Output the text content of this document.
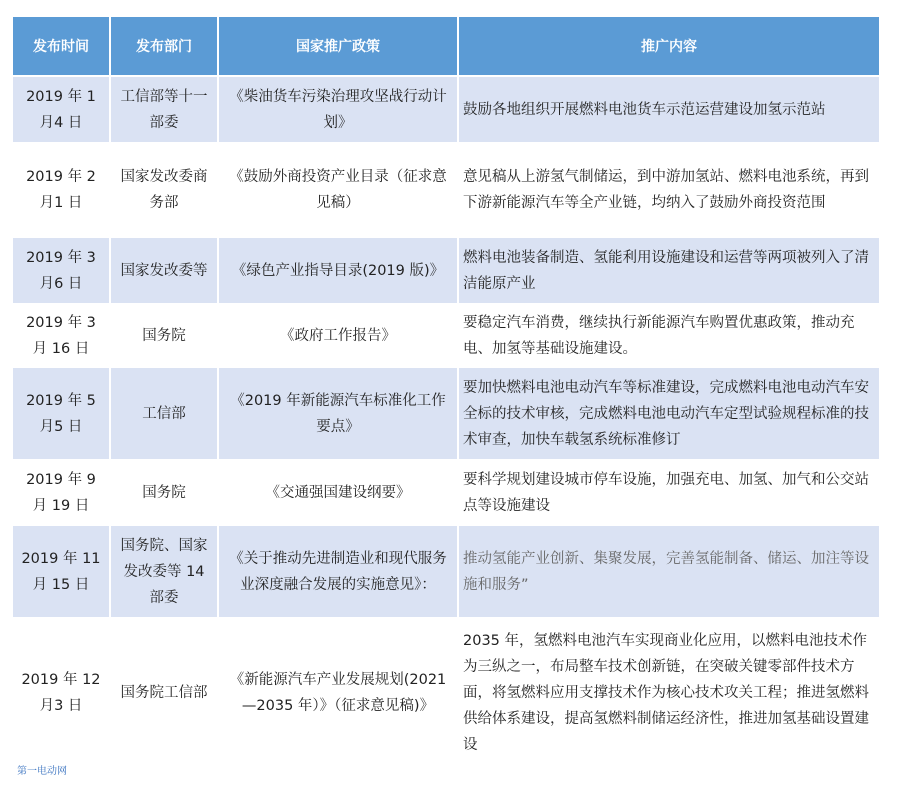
发布时间	发布部门	国家推广政策	推广内容
2019 年 1 月4 日	工信部等十一部委	《柴油货车污染治理攻坚战行动计划》	鼓励各地组织开展燃料电池货车示范运营建设加氢示范站
2019 年 2 月1 日	国家发改委商务部	《鼓励外商投资产业目录（征求意见稿）	意见稿从上游氢气制储运，到中游加氢站、燃料电池系统，再到下游新能源汽车等全产业链，均纳入了鼓励外商投资范围
2019 年 3 月6 日	国家发改委等	《绿色产业指导目录(2019 版)》	燃料电池装备制造、氢能利用设施建设和运营等两项被列入了清洁能原产业
2019 年 3 月 16 日	国务院	《政府工作报告》	要稳定汽车消费，继续执行新能源汽车购置优惠政策，推动充电、加氢等基础设施建设。
2019 年 5 月5 日	工信部	《2019 年新能源汽车标准化工作要点》	要加快燃料电池电动汽车等标准建设，完成燃料电池电动汽车安全标的技术审核，完成燃料电池电动汽车定型试验规程标准的技术审查，加快车载氢系统标准修订
2019 年 9 月 19 日	国务院	《交通强国建设纲要》	要科学规划建设城市停车设施，加强充电、加氢、加气和公交站点等设施建设
2019 年 11 月 15 日	国务院、国家发改委等 14 部委	《关于推动先进制造业和现代服务业深度融合发展的实施意见》：	推动氢能产业创新、集聚发展，完善氢能制备、储运、加注等设施和服务”
2019 年 12 月3 日	国务院工信部	《新能源汽车产业发展规划(2021—2035 年）》（征求意见稿)》	2035 年，氢燃料电池汽车实现商业化应用，以燃料电池技术作为三纵之一，布局整车技术创新链，在突破关键零部件技术方面，将氢燃料应用支撑技术作为核心技术攻关工程；推进氢燃料供给体系建设，提高氢燃料制储运经济性，推进加氢基础设置建设
第一电动网
